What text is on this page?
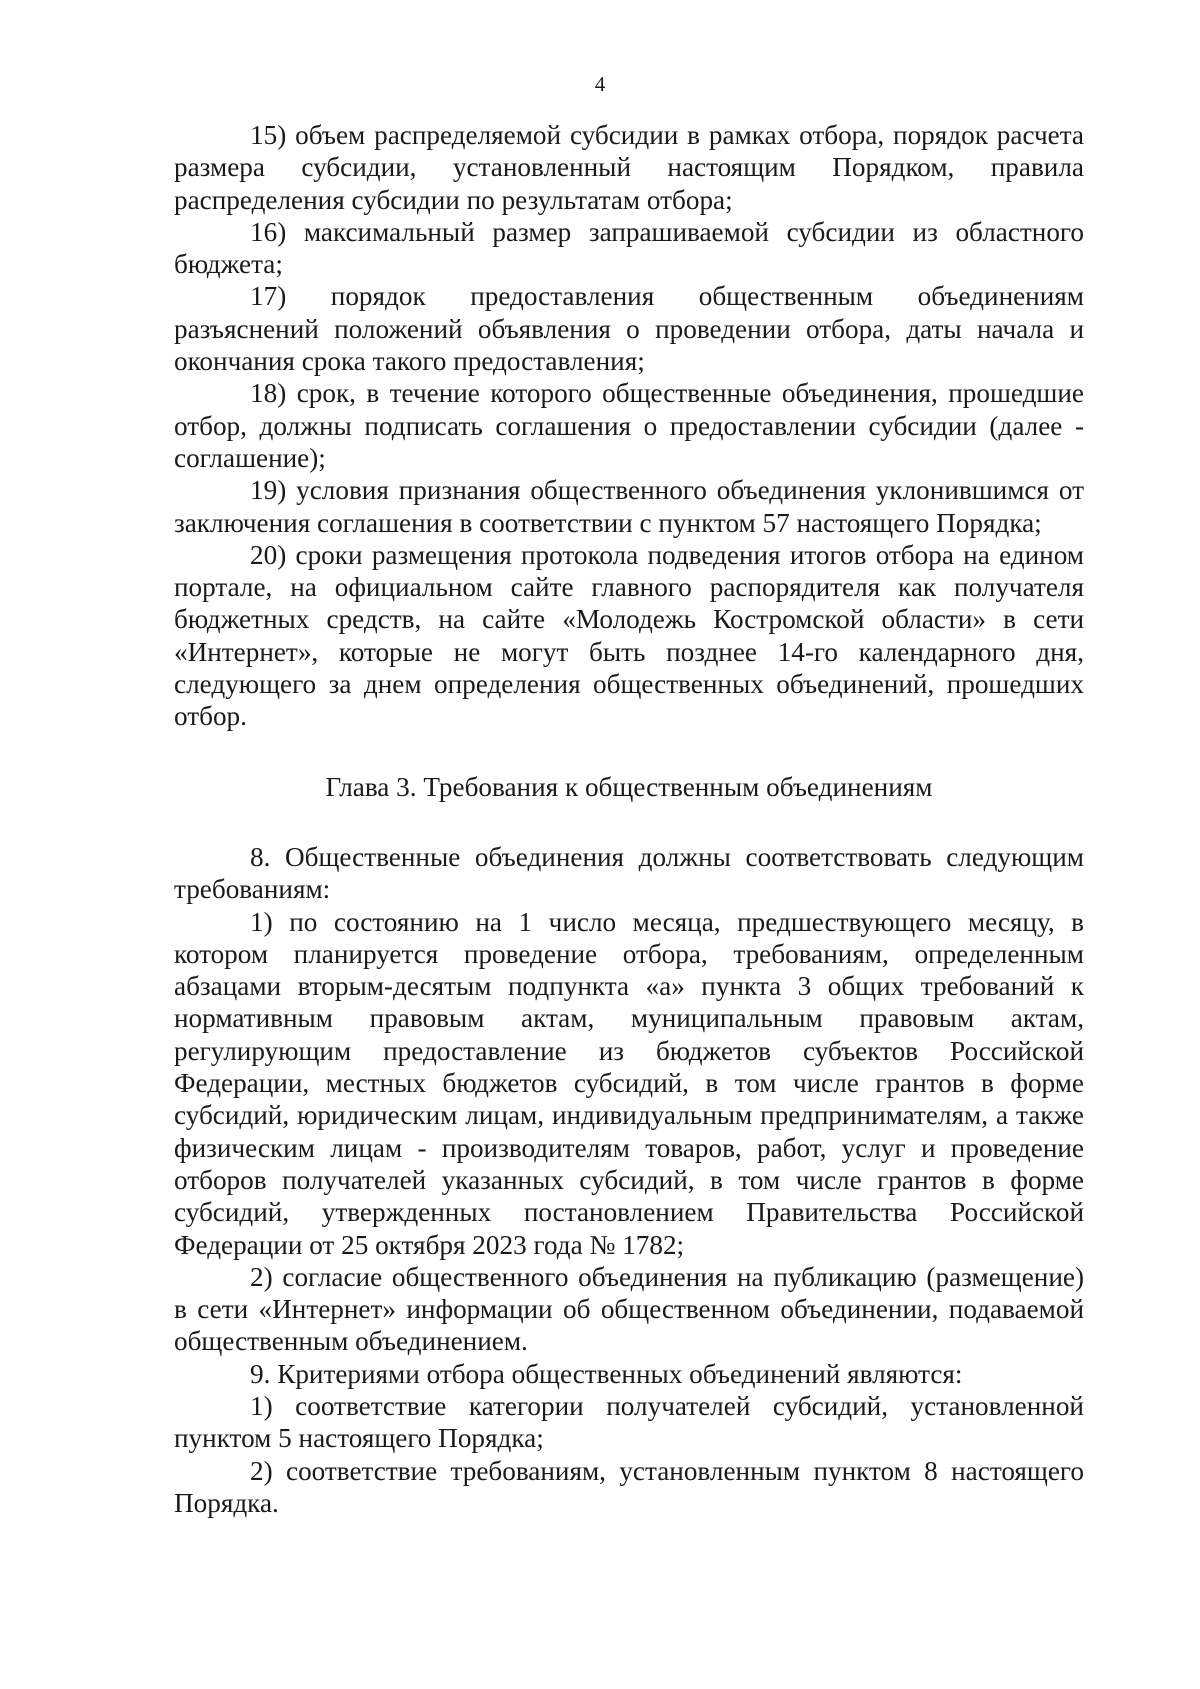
4

15) объем распределяемой субсидии в рамках отбора, порядок расчета размера субсидии, установленный настоящим Порядком, правила распределения субсидии по результатам отбора;

16) максимальный размер запрашиваемой субсидии из областного бюджета;

17) порядок предоставления общественным объединениям разъяснений положений объявления о проведении отбора, даты начала и окончания срока такого предоставления;

18) срок, в течение которого общественные объединения, прошедшие отбор, должны подписать соглашения о предоставлении субсидии (далее - соглашение);

19) условия признания общественного объединения уклонившимся от заключения соглашения в соответствии с пунктом 57 настоящего Порядка;

20) сроки размещения протокола подведения итогов отбора на едином портале, на официальном сайте главного распорядителя как получателя бюджетных средств, на сайте «Молодежь Костромской области» в сети «Интернет», которые не могут быть позднее 14-го календарного дня, следующего за днем определения общественных объединений, прошедших отбор.

Глава 3. Требования к общественным объединениям

8. Общественные объединения должны соответствовать следующим требованиям:

1) по состоянию на 1 число месяца, предшествующего месяцу, в котором планируется проведение отбора, требованиям, определенным абзацами вторым-десятым подпункта «а» пункта 3 общих требований к нормативным правовым актам, муниципальным правовым актам, регулирующим предоставление из бюджетов субъектов Российской Федерации, местных бюджетов субсидий, в том числе грантов в форме субсидий, юридическим лицам, индивидуальным предпринимателям, а также физическим лицам - производителям товаров, работ, услуг и проведение отборов получателей указанных субсидий, в том числе грантов в форме субсидий, утвержденных постановлением Правительства Российской Федерации от 25 октября 2023 года № 1782;

2) согласие общественного объединения на публикацию (размещение) в сети «Интернет» информации об общественном объединении, подаваемой общественным объединением.

9. Критериями отбора общественных объединений являются:

1) соответствие категории получателей субсидий, установленной пунктом 5 настоящего Порядка;

2) соответствие требованиям, установленным пунктом 8 настоящего Порядка.
